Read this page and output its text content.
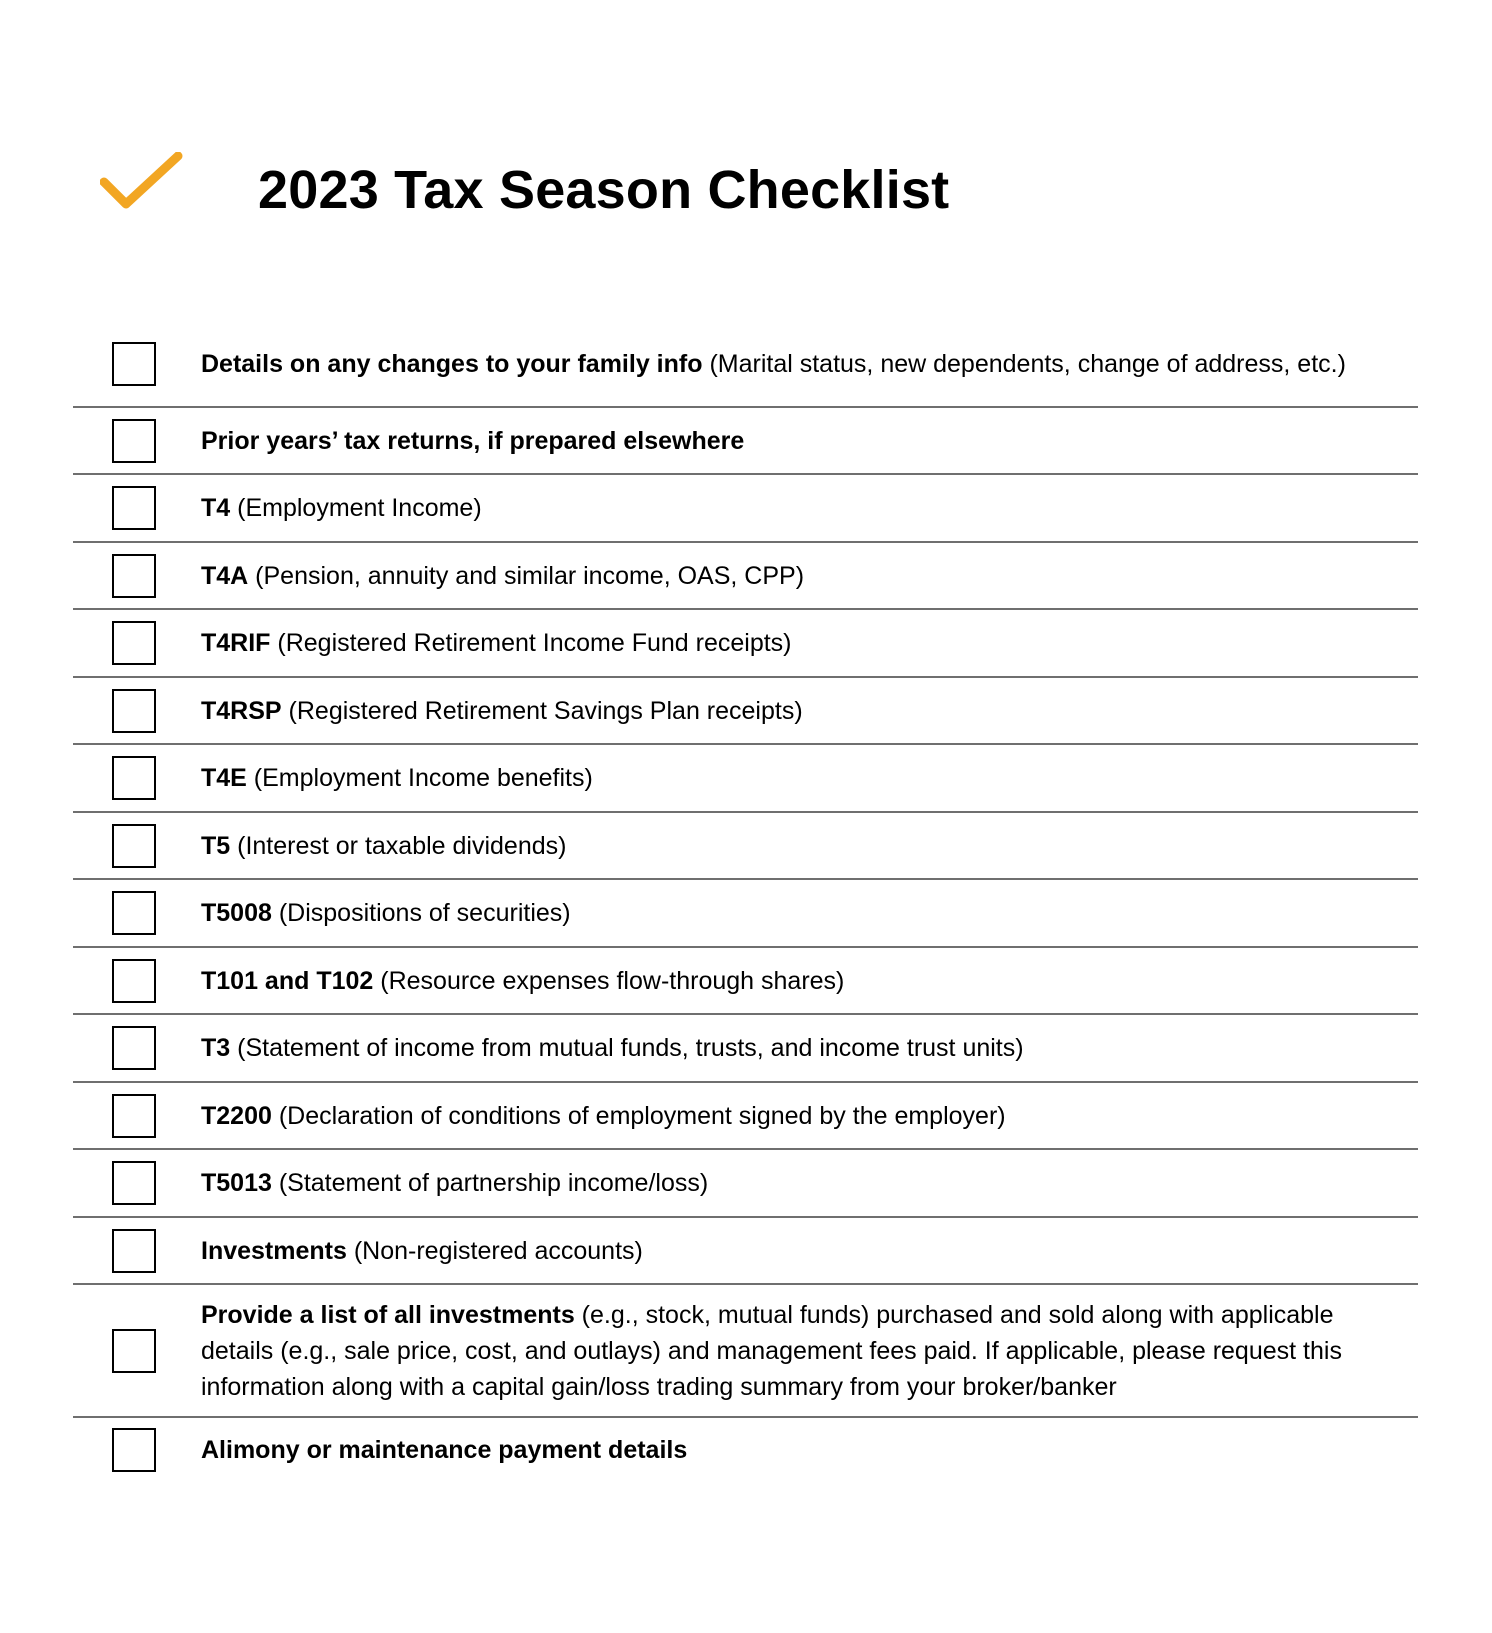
2023 Tax Season Checklist
Details on any changes to your family info (Marital status, new dependents, change of address, etc.)
Prior years’ tax returns, if prepared elsewhere
T4 (Employment Income)
T4A (Pension, annuity and similar income, OAS, CPP)
T4RIF (Registered Retirement Income Fund receipts)
T4RSP (Registered Retirement Savings Plan receipts)
T4E (Employment Income benefits)
T5 (Interest or taxable dividends)
T5008 (Dispositions of securities)
T101 and T102 (Resource expenses flow-through shares)
T3 (Statement of income from mutual funds, trusts, and income trust units)
T2200 (Declaration of conditions of employment signed by the employer)
T5013 (Statement of partnership income/loss)
Investments (Non-registered accounts)
Provide a list of all investments (e.g., stock, mutual funds) purchased and sold along with applicable details (e.g., sale price, cost, and outlays) and management fees paid. If applicable, please request this information along with a capital gain/loss trading summary from your broker/banker
Alimony or maintenance payment details
